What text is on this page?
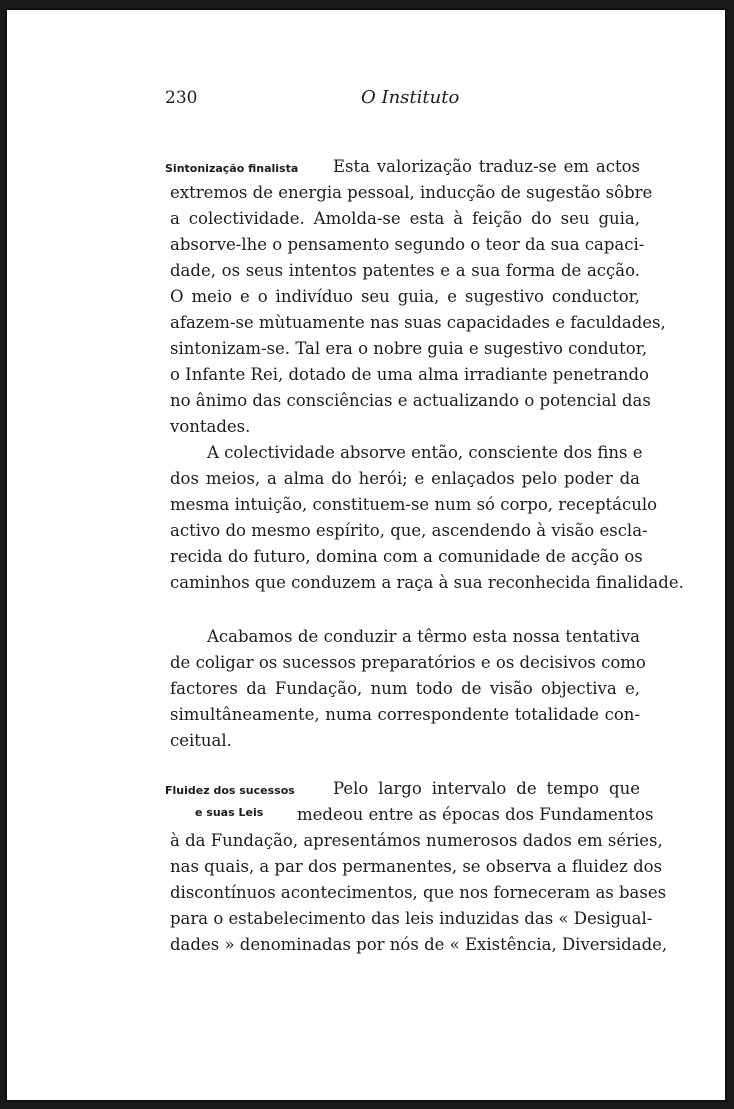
230	O Instituto
Sintonização finalista Esta valorização traduz-se em actos
extremos de energia pessoal, inducção de sugestão sôbre
a colectividade. Amolda-se esta à feição do seu guia,
absorve-lhe o pensamento segundo o teor da sua capaci-
dade, os seus intentos patentes e a sua forma de acção.
O meio e o indivíduo seu guia, e sugestivo conductor,
afazem-se mùtuamente nas suas capacidades e faculdades,
sintonizam-se. Tal era o nobre guia e sugestivo condutor,
o Infante Rei, dotado de uma alma irradiante penetrando
no ânimo das consciências e actualizando o potencial das
vontades.
A colectividade absorve então, consciente dos fins e
dos meios, a alma do herói; e enlaçados pelo poder da
mesma intuição, constituem-se num só corpo, receptáculo
activo do mesmo espírito, que, ascendendo à visão escla-
recida do futuro, domina com a comunidade de acção os
caminhos que conduzem a raça à sua reconhecida finalidade.
Acabamos de conduzir a têrmo esta nossa tentativa
de coligar os sucessos preparatórios e os decisivos como
factores da Fundação, num todo de visão objectiva e,
simultâneamente, numa correspondente totalidade con-
ceitual.
Fluidez dos sucessos
e suas Leis
Pelo largo intervalo de tempo que
medeou entre as épocas dos Fundamentos
à da Fundação, apresentámos numerosos dados em séries,
nas quais, a par dos permanentes, se observa a fluidez dos
discontínuos acontecimentos, que nos forneceram as bases
para o estabelecimento das leis induzidas das « Desigual-
dades » denominadas por nós de « Existência, Diversidade,
